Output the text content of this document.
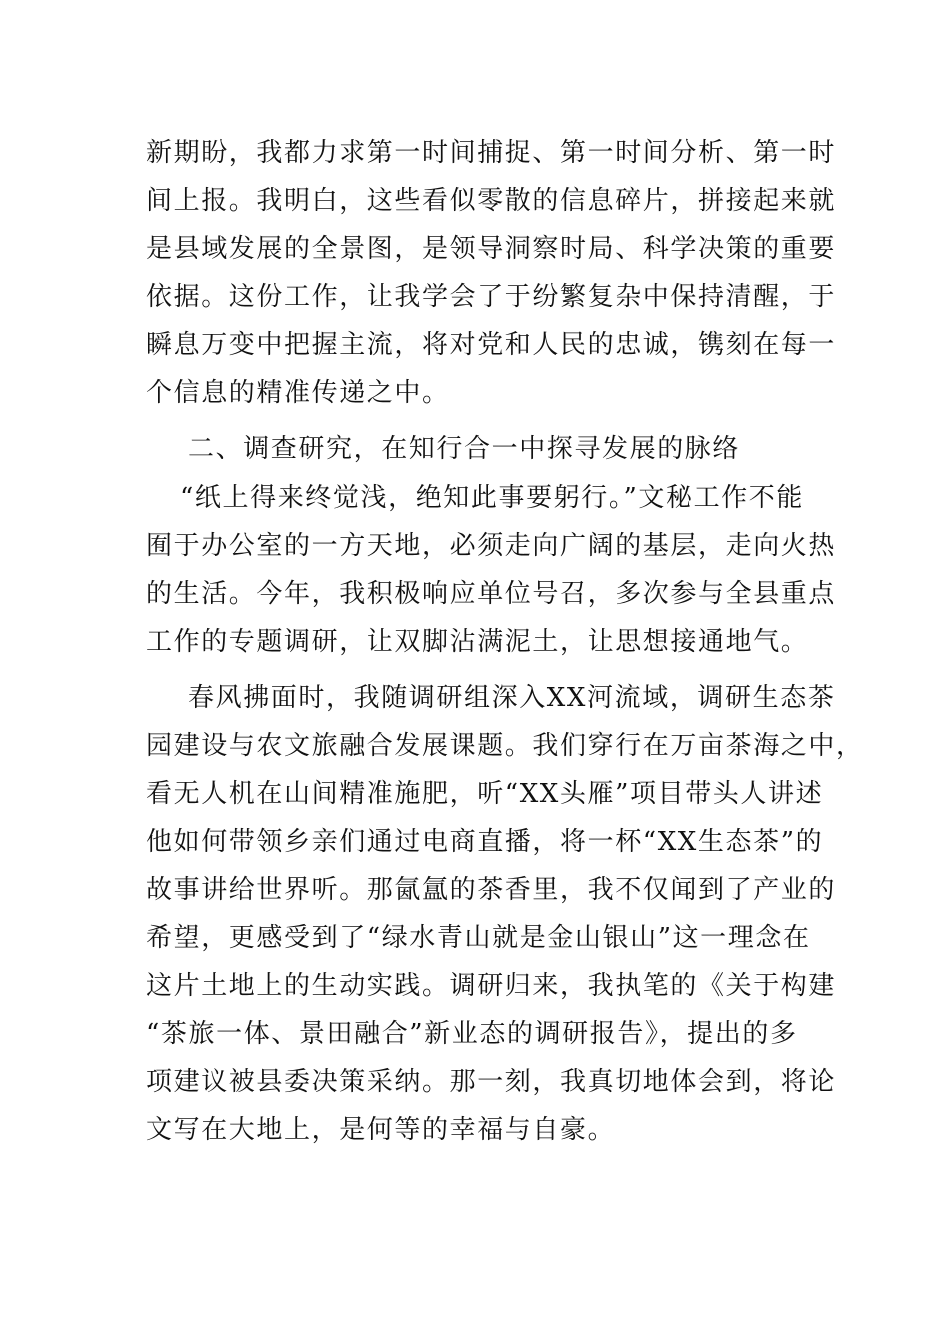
新期盼，我都力求第一时间捕捉、第一时间分析、第一时
间上报。我明白，这些看似零散的信息碎片，拼接起来就
是县域发展的全景图，是领导洞察时局、科学决策的重要
依据。这份工作，让我学会了于纷繁复杂中保持清醒，于
瞬息万变中把握主流，将对党和人民的忠诚，镌刻在每一
个信息的精准传递之中。
二、调查研究，在知行合一中探寻发展的脉络
“纸上得来终觉浅，绝知此事要躬行。”文秘工作不能
囿于办公室的一方天地，必须走向广阔的基层，走向火热
的生活。今年，我积极响应单位号召，多次参与全县重点
工作的专题调研，让双脚沾满泥土，让思想接通地气。
春风拂面时，我随调研组深入XX河流域，调研生态茶
园建设与农文旅融合发展课题。我们穿行在万亩茶海之中，
看无人机在山间精准施肥，听“XX头雁”项目带头人讲述
他如何带领乡亲们通过电商直播，将一杯“XX生态茶”的
故事讲给世界听。那氤氲的茶香里，我不仅闻到了产业的
希望，更感受到了“绿水青山就是金山银山”这一理念在
这片土地上的生动实践。调研归来，我执笔的《关于构建
“茶旅一体、景田融合”新业态的调研报告》，提出的多
项建议被县委决策采纳。那一刻，我真切地体会到，将论
文写在大地上，是何等的幸福与自豪。
